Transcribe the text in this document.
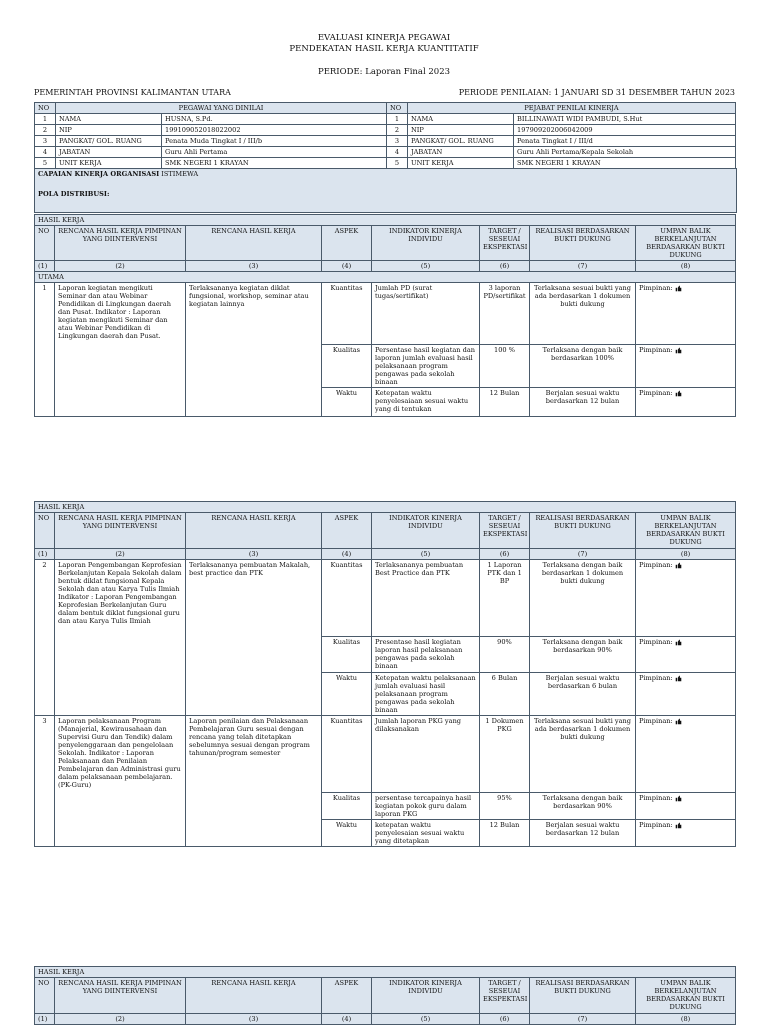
EVALUASI KINERJA PEGAWAI
PENDEKATAN HASIL KERJA KUANTITATIF
PERIODE: Laporan Final 2023
PEMERINTAH PROVINSI KALIMANTAN UTARA	PERIODE PENILAIAN: 1 JANUARI SD 31 DESEMBER TAHUN 2023
NO	PEGAWAI YANG DINILAI		NO	PEJABAT PENILAI KINERJA	
1	NAMA	HUSNA, S.Pd.	1	NAMA	BILLINAWATI WIDI PAMBUDI, S.Hut
2	NIP	199109052018022002	2	NIP	197909202006042009
3	PANGKAT/ GOL. RUANG	Penata Muda Tingkat I / III/b	3	PANGKAT/ GOL. RUANG	Penata Tingkat I / III/d
4	JABATAN	Guru Ahli Pertama	4	JABATAN	Guru Ahli Pertama/Kepala Sekolah
5	UNIT KERJA	SMK NEGERI 1 KRAYAN	5	UNIT KERJA	SMK NEGERI 1 KRAYAN
CAPAIAN KINERJA ORGANISASI ISTIMEWA
POLA DISTRIBUSI:
HASIL KERJA							
NO	RENCANA HASIL KERJA PIMPINAN YANG DIINTERVENSI	RENCANA HASIL KERJA	ASPEK	INDIKATOR KINERJA INDIVIDU	TARGET / SESEUAI EKSPEKTASI	REALISASI BERDASARKAN BUKTI DUKUNG	UMPAN BALIK BERKELANJUTAN BERDASARKAN BUKTI DUKUNG
(1)	(2)	(3)	(4)	(5)	(6)	(7)	(8)
UTAMA							
1	Laporan kegiatan mengikuti Seminar dan atau Webinar Pendidikan di Lingkungan daerah dan Pusat. Indikator : Laporan kegiatan mengikuti Seminar dan atau Webinar Pendidikan di Lingkungan daerah dan Pusat.	Terlaksananya kegiatan diklat fungsional, workshop, seminar atau kegiatan lainnya	Kuantitas	Jumlah PD (surat tugas/sertifikat)	3 laporan PD/sertifikat	Terlaksana sesuai bukti yang ada berdasarkan 1 dokumen bukti dukung	Pimpinan:
			Kualitas	Persentase hasil kegiatan dan laporan jumlah evaluasi hasil pelaksanaan program pengawas pada sekolah binaan	100 %	Terlaksana dengan baik berdasarkan 100%	Pimpinan:
			Waktu	Ketepatan waktu penyelesaiaan sesuai waktu yang di tentukan	12 Bulan	Berjalan sesuai waktu berdasarkan 12 bulan	Pimpinan:
HASIL KERJA							
NO	RENCANA HASIL KERJA PIMPINAN YANG DIINTERVENSI	RENCANA HASIL KERJA	ASPEK	INDIKATOR KINERJA INDIVIDU	TARGET / SESEUAI EKSPEKTASI	REALISASI BERDASARKAN BUKTI DUKUNG	UMPAN BALIK BERKELANJUTAN BERDASARKAN BUKTI DUKUNG
(1)	(2)	(3)	(4)	(5)	(6)	(7)	(8)
2	Laporan Pengembangan Keprofesian Berkelanjutan Kepala Sekolah dalam bentuk diklat fungsional Kepala Sekolah dan atau Karya Tulis Ilmiah Indikator : Laporan Pengembangan Keprofesian Berkelanjutan Guru dalam bentuk diklat fungsional guru dan atau Karya Tulis Ilmiah	Terlaksananya pembuatan Makalah, best practice dan PTK	Kuantitas	Terlaksananya pembuatan Best Practice dan PTK	1 Laporan PTK dan 1 BP	Terlaksana dengan baik berdasarkan 1 dokumen bukti dukung	Pimpinan:
			Kualitas	Presentase hasil kegiatan laporan hasil pelaksanaan pengawas pada sekolah binaan	90%	Terlaksana dengan baik berdasarkan 90%	Pimpinan:
			Waktu	Ketepatan waktu pelaksanaan jumlah evaluasi hasil pelaksanaan program pengawas pada sekolah binaan	6 Bulan	Berjalan sesuai waktu berdasarkan 6 bulan	Pimpinan:
3	Laporan pelaksanaan Program (Manajerial, Kewirausahaan dan Supervisi Guru dan Tendik) dalam penyelenggaraan dan pengelolaan Sekolah. Indikator : Laporan Pelaksanaan dan Penilaian Pembelajaran dan Administrasi guru dalam pelaksanaan pembelajaran. (PK-Guru)	Laporan penilaian dan Pelaksanaan Pembelajaran Guru sesuai dengan rencana yang telah ditetapkan sebelumnya sesuai dengan program tahunan/program semester	Kuantitas	Jumlah laporan PKG yang dilaksanakan	1 Dokumen PKG	Terlaksana sesuai bukti yang ada berdasarkan 1 dokumen bukti dukung	Pimpinan:
			Kualitas	persentase tercapainya hasil kegiatan pokok guru dalam laporan PKG	95%	Terlaksana dengan baik berdasarkan 90%	Pimpinan:
			Waktu	ketepatan waktu penyelesaian sesuai waktu yang ditetapkan	12 Bulan	Berjalan sesuai waktu berdasarkan 12 bulan	Pimpinan:
HASIL KERJA							
NO	RENCANA HASIL KERJA PIMPINAN YANG DIINTERVENSI	RENCANA HASIL KERJA	ASPEK	INDIKATOR KINERJA INDIVIDU	TARGET / SESEUAI EKSPEKTASI	REALISASI BERDASARKAN BUKTI DUKUNG	UMPAN BALIK BERKELANJUTAN BERDASARKAN BUKTI DUKUNG
(1)	(2)	(3)	(4)	(5)	(6)	(7)	(8)
